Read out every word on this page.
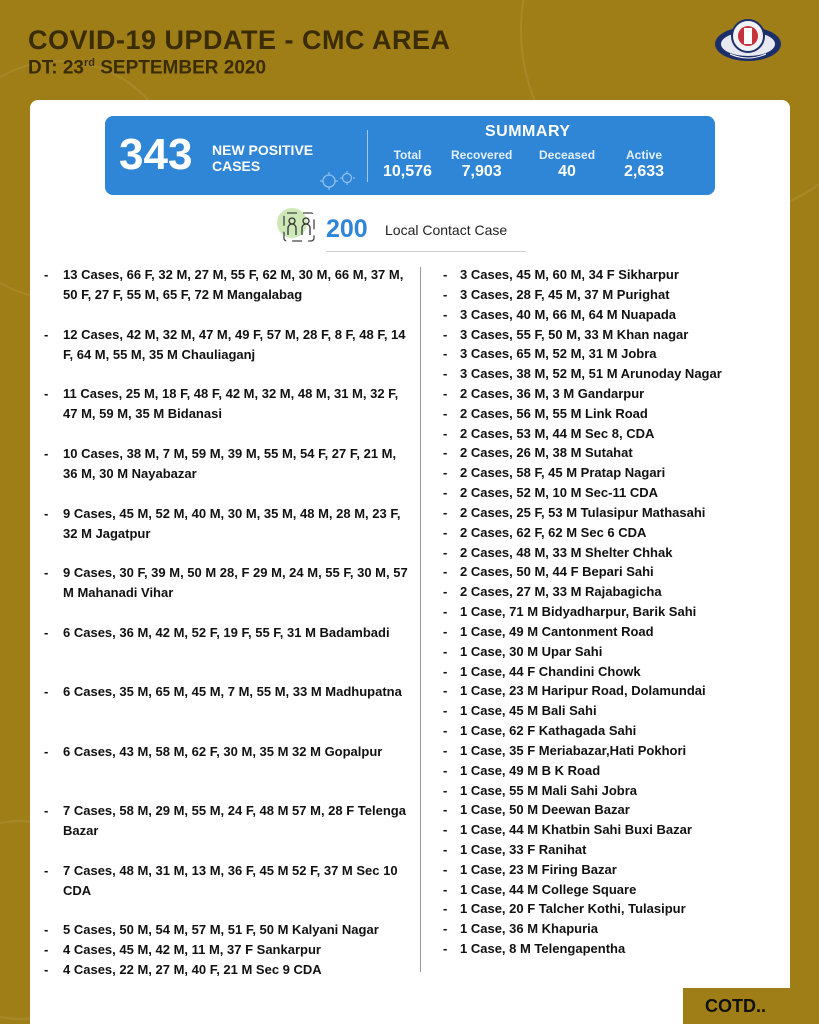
COVID-19 UPDATE - CMC AREA
DT: 23rd SEPTEMBER 2020
343 NEW POSITIVE CASES
SUMMARY
Total
10,576
Recovered
7,903
Deceased
40
Active
2,633
200 Local Contact Case
- 13 Cases, 66 F, 32 M, 27 M, 55 F, 62 M, 30 M, 66 M, 37 M, 50 F, 27 F, 55 M, 65 F, 72 M Mangalabag
- 12 Cases, 42 M, 32 M, 47 M, 49 F, 57 M, 28 F, 8 F, 48 F, 14 F, 64 M, 55 M, 35 M Chauliaganj
- 11 Cases, 25 M, 18 F, 48 F, 42 M, 32 M, 48 M, 31 M, 32 F, 47 M, 59 M, 35 M Bidanasi
- 10 Cases, 38 M, 7 M, 59 M, 39 M, 55 M, 54 F, 27 F, 21 M, 36 M, 30 M Nayabazar
- 9 Cases, 45 M, 52 M, 40 M, 30 M, 35 M, 48 M, 28 M, 23 F, 32 M Jagatpur
- 9 Cases, 30 F, 39 M, 50 M 28, F 29 M, 24 M, 55 F, 30 M, 57 M Mahanadi Vihar
- 6 Cases, 36 M, 42 M, 52 F, 19 F, 55 F, 31 M Badambadi
- 6 Cases, 35 M, 65 M, 45 M, 7 M, 55 M, 33 M Madhupatna
- 6 Cases, 43 M, 58 M, 62 F, 30 M, 35 M 32 M Gopalpur
- 7 Cases, 58 M, 29 M, 55 M, 24 F, 48 M 57 M, 28 F Telenga Bazar
- 7 Cases, 48 M, 31 M, 13 M, 36 F, 45 M 52 F, 37 M Sec 10 CDA
- 5 Cases, 50 M, 54 M, 57 M, 51 F, 50 M Kalyani Nagar
- 4 Cases, 45 M, 42 M, 11 M, 37 F Sankarpur
- 4 Cases, 22 M, 27 M, 40 F, 21 M Sec 9 CDA
- 3 Cases, 45 M, 60 M, 34 F Sikharpur
- 3 Cases, 28 F, 45 M, 37 M Purighat
- 3 Cases, 40 M, 66 M, 64 M Nuapada
- 3 Cases, 55 F, 50 M, 33 M Khan nagar
- 3 Cases, 65 M, 52 M, 31 M Jobra
- 3 Cases, 38 M, 52 M, 51 M Arunoday Nagar
- 2 Cases, 36 M, 3 M Gandarpur
- 2 Cases, 56 M, 55 M Link Road
- 2 Cases, 53 M, 44 M Sec 8, CDA
- 2 Cases, 26 M, 38 M Sutahat
- 2 Cases, 58 F, 45 M Pratap Nagari
- 2 Cases, 52 M, 10 M Sec-11 CDA
- 2 Cases, 25 F, 53 M Tulasipur Mathasahi
- 2 Cases, 62 F, 62 M Sec 6 CDA
- 2 Cases, 48 M, 33 M Shelter Chhak
- 2 Cases, 50 M, 44 F Bepari Sahi
- 2 Cases, 27 M, 33 M Rajabagicha
- 1 Case, 71 M Bidyadharpur, Barik Sahi
- 1 Case, 49 M Cantonment Road
- 1 Case, 30 M Upar Sahi
- 1 Case, 44 F Chandini Chowk
- 1 Case, 23 M Haripur Road, Dolamundai
- 1 Case, 45 M Bali Sahi
- 1 Case, 62 F Kathagada Sahi
- 1 Case, 35 F Meriabazar,Hati Pokhori
- 1 Case, 49 M B K Road
- 1 Case, 55 M Mali Sahi Jobra
- 1 Case, 50 M Deewan Bazar
- 1 Case, 44 M Khatbin Sahi Buxi Bazar
- 1 Case, 33 F Ranihat
- 1 Case, 23 M Firing Bazar
- 1 Case, 44 M College Square
- 1 Case, 20 F Talcher Kothi, Tulasipur
- 1 Case, 36 M Khapuria
- 1 Case, 8 M Telengapentha
COTD..
